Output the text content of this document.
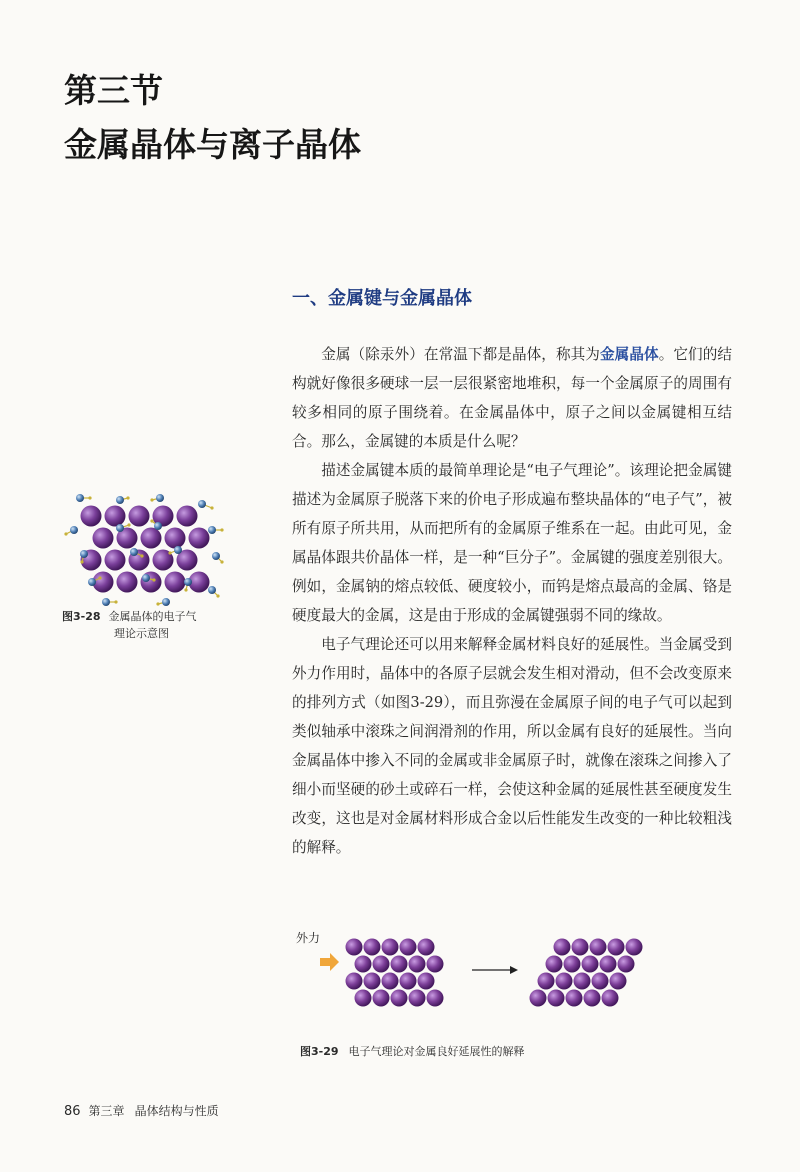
第三节
金属晶体与离子晶体
一、金属键与金属晶体

金属（除汞外）在常温下都是晶体，称其为金属晶体。它们的结构就好像很多硬球一层一层很紧密地堆积，每一个金属原子的周围有较多相同的原子围绕着。在金属晶体中，原子之间以金属键相互结合。那么，金属键的本质是什么呢？

描述金属键本质的最简单理论是“电子气理论”。该理论把金属键描述为金属原子脱落下来的价电子形成遍布整块晶体的“电子气”，被所有原子所共用，从而把所有的金属原子维系在一起。由此可见，金属晶体跟共价晶体一样，是一种“巨分子”。金属键的强度差别很大。例如，金属钠的熔点较低、硬度较小，而钨是熔点最高的金属、铬是硬度最大的金属，这是由于形成的金属键强弱不同的缘故。

电子气理论还可以用来解释金属材料良好的延展性。当金属受到外力作用时，晶体中的各原子层就会发生相对滑动，但不会改变原来的排列方式（如图3-29），而且弥漫在金属原子间的电子气可以起到类似轴承中滚珠之间润滑剂的作用，所以金属有良好的延展性。当向金属晶体中掺入不同的金属或非金属原子时，就像在滚珠之间掺入了细小而坚硬的砂土或碎石一样，会使这种金属的延展性甚至硬度发生改变，这也是对金属材料形成合金以后性能发生改变的一种比较粗浅的解释。

图3-28 金属晶体的电子气
理论示意图
外力
图3-29 电子气理论对金属良好延展性的解释
86 第三章 晶体结构与性质
